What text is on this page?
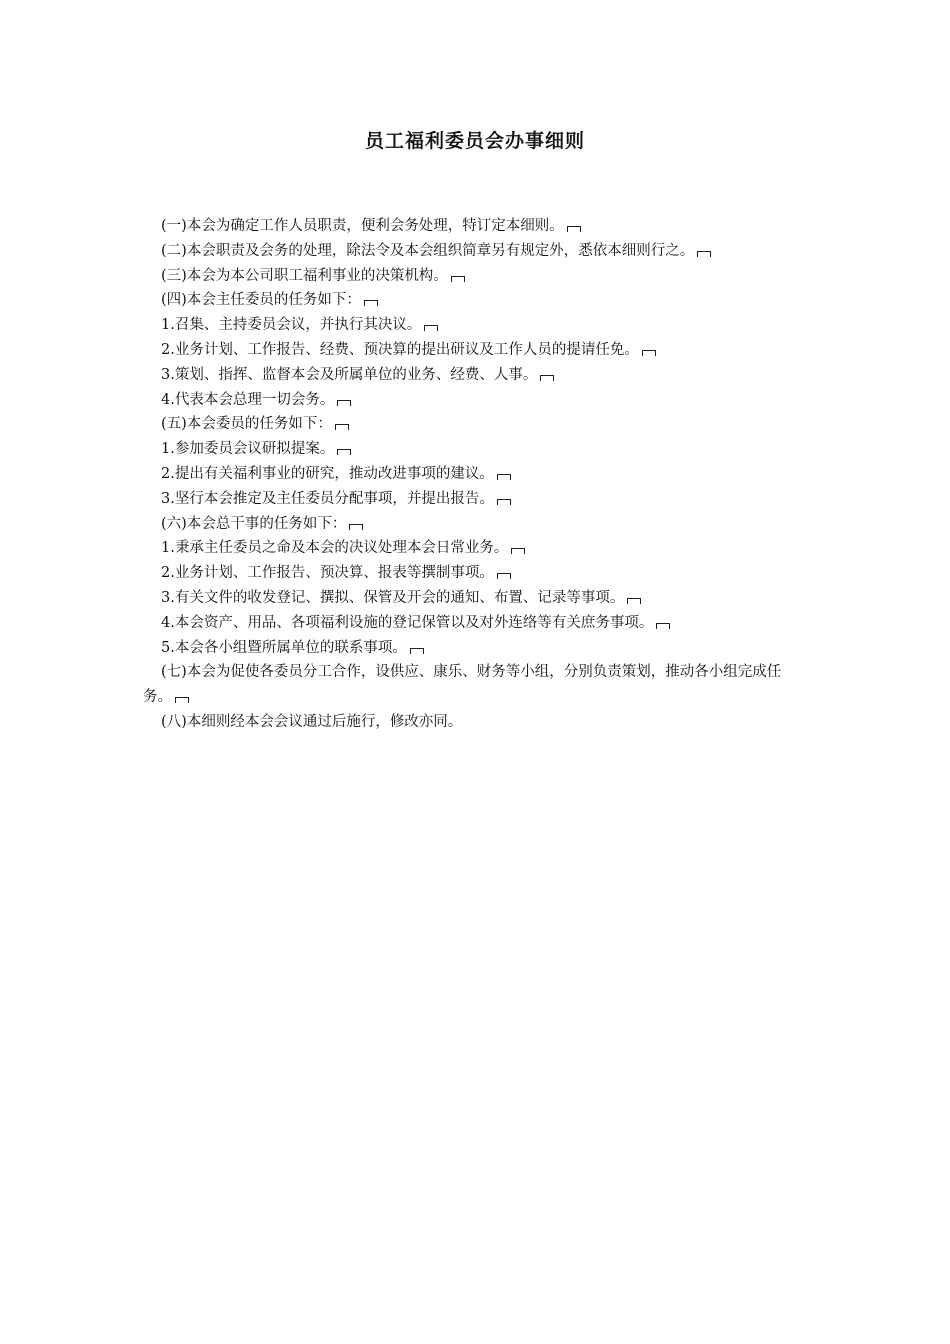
员工福利委员会办事细则

(一)本会为确定工作人员职责，便利会务处理，特订定本细则。

(二)本会职责及会务的处理，除法令及本会组织简章另有规定外，悉依本细则行之。

(三)本会为本公司职工福利事业的决策机构。

(四)本会主任委员的任务如下：

1.召集、主持委员会议，并执行其决议。

2.业务计划、工作报告、经费、预决算的提出研议及工作人员的提请任免。

3.策划、指挥、监督本会及所属单位的业务、经费、人事。

4.代表本会总理一切会务。

(五)本会委员的任务如下：

1.参加委员会议研拟提案。

2.提出有关福利事业的研究，推动改进事项的建议。

3.坚行本会推定及主任委员分配事项，并提出报告。

(六)本会总干事的任务如下：

1.秉承主任委员之命及本会的决议处理本会日常业务。

2.业务计划、工作报告、预决算、报表等撰制事项。

3.有关文件的收发登记、撰拟、保管及开会的通知、布置、记录等事项。

4.本会资产、用品、各项福利设施的登记保管以及对外连络等有关庶务事项。

5.本会各小组暨所属单位的联系事项。

(七)本会为促使各委员分工合作，设供应、康乐、财务等小组，分别负责策划，推动各小组完成任务。

(八)本细则经本会会议通过后施行，修改亦同。
